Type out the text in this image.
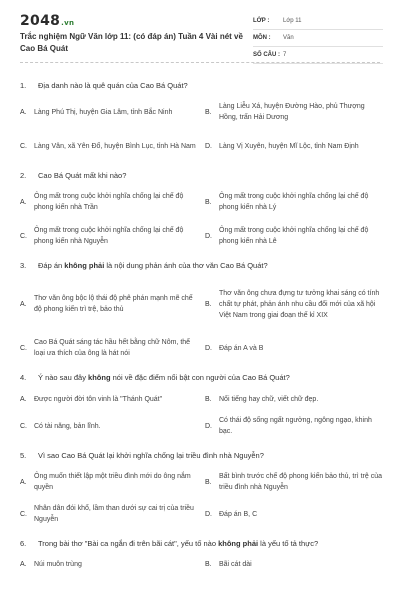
2048.vn
Trắc nghiệm Ngữ Văn lớp 11: (có đáp án) Tuần 4 Vài nét về Cao Bá Quát
LỚP :	Lớp 11
MÔN :	Văn
SỐ CÂU : 7
1.	Địa danh nào là quê quán của Cao Bá Quát?
A.	Làng Phú Thị, huyện Gia Lâm, tỉnh Bắc Ninh	B.
Làng Liễu Xá, huyện Đường Hào, phủ Thượng Hồng, trấn Hải Dương
C.	Làng Vân, xã Yên Đổ, huyện Bình Lục, tỉnh Hà Nam D.	Làng Vị Xuyên, huyện Mĩ Lộc, tỉnh Nam Định
2.	Cao Bá Quát mất khi nào?
A.
Ông mất trong cuộc khởi nghĩa chống lại chế độ phong kiến nhà Trần
B.
Ông mất trong cuộc khởi nghĩa chống lại chế độ phong kiến nhà Lý
C.
Ông mất trong cuộc khởi nghĩa chống lại chế độ phong kiến nhà Nguyễn
D.
Ông mất trong cuộc khởi nghĩa chống lại chế độ phong kiến nhà Lê
3.	Đáp án không phải là nội dung phản ánh của thơ văn Cao Bá Quát?
A.
Thơ văn ông bộc lộ thái độ phê phán mạnh mẽ chế độ phong kiến trì trệ, bảo thủ
B.
Thơ văn ông chưa đựng tư tưởng khai sáng có tính chất tự phát, phản ánh nhu cầu đổi mới của xã hội Việt Nam trong giai đoạn thế kỉ XIX
C.
Cao Bá Quát sáng tác hầu hết bằng chữ Nôm, thể loại ưa thích của ông là hát nói
D.	Đáp án A và B
4.	Ý nào sau đây không nói về đặc điểm nổi bật con người của Cao Bá Quát?
A.	Được người đời tôn vinh là "Thánh Quát"	B.	Nổi tiếng hay chữ, viết chữ đẹp.
C.	Có tài năng, bản lĩnh.	D.
Có thái độ sống ngất ngưởng, ngông ngạo, khinh bạc.
5.	Vì sao Cao Bá Quát lại khởi nghĩa chống lại triều đình nhà Nguyễn?
A.
Ông muốn thiết lập một triều đình mới do ông nắm quyền
B.
Bất bình trước chế độ phong kiến bảo thủ, trì trệ của triều đình nhà Nguyễn
C.
Nhân dân đói khổ, lầm than dưới sự cai trị của triều Nguyễn
D.	Đáp án B, C
6.	Trong bài thơ "Bài ca ngắn đi trên bãi cát", yếu tố nào không phải là yếu tố tả thực?
A.	Núi muôn trùng	B.	Bãi cát dài
